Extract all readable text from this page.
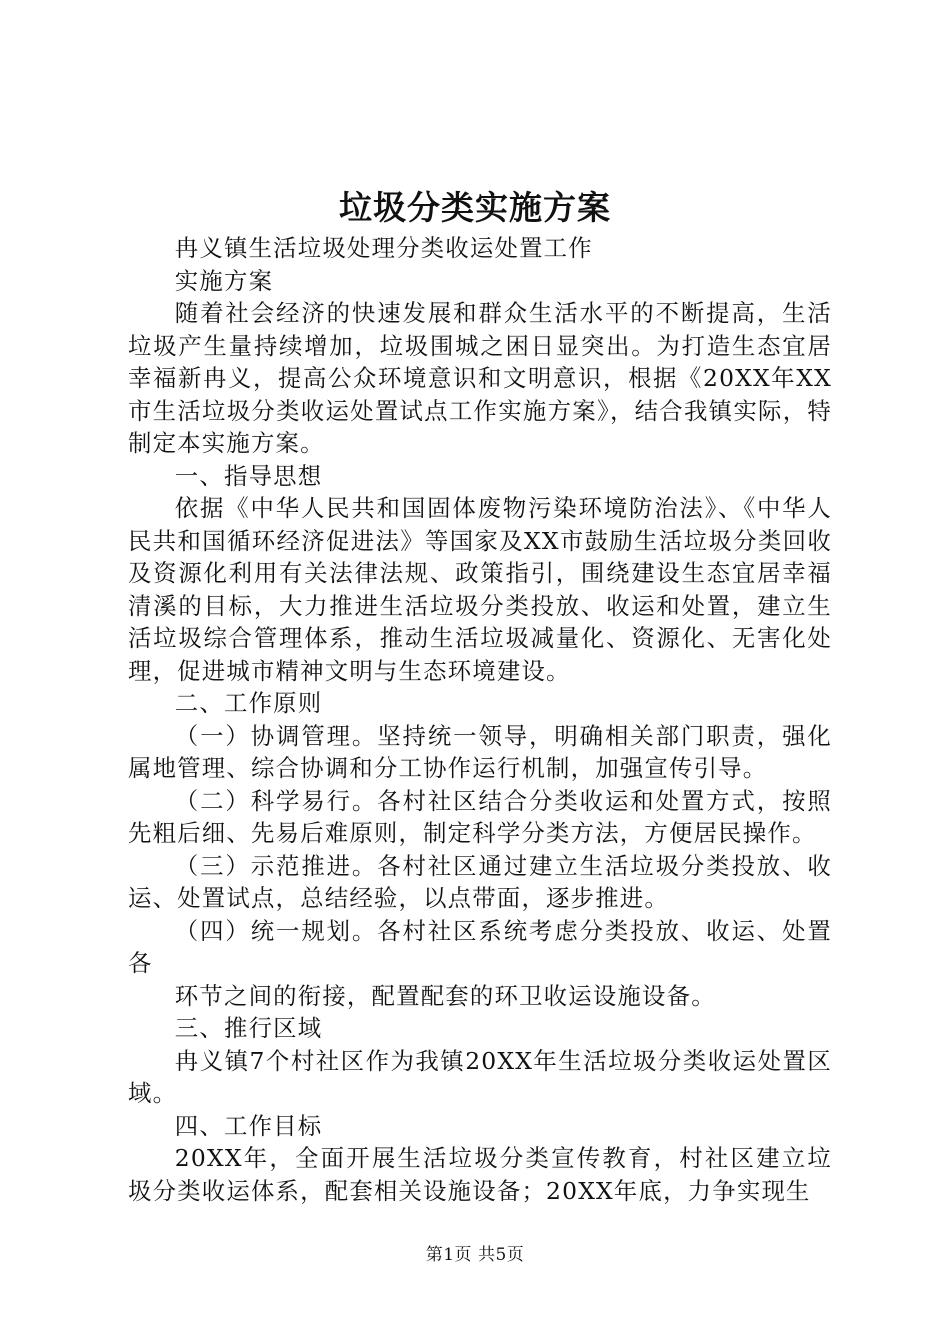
垃圾分类实施方案

冉义镇生活垃圾处理分类收运处置工作

实施方案

随着社会经济的快速发展和群众生活水平的不断提高，生活垃圾产生量持续增加，垃圾围城之困日显突出。为打造生态宜居幸福新冉义，提高公众环境意识和文明意识，根据《20XX年XX市生活垃圾分类收运处置试点工作实施方案》，结合我镇实际，特制定本实施方案。

一、指导思想

依据《中华人民共和国固体废物污染环境防治法》、《中华人民共和国循环经济促进法》等国家及XX市鼓励生活垃圾分类回收及资源化利用有关法律法规、政策指引，围绕建设生态宜居幸福清溪的目标，大力推进生活垃圾分类投放、收运和处置，建立生活垃圾综合管理体系，推动生活垃圾减量化、资源化、无害化处理，促进城市精神文明与生态环境建设。

二、工作原则

（一）协调管理。坚持统一领导，明确相关部门职责，强化属地管理、综合协调和分工协作运行机制，加强宣传引导。

（二）科学易行。各村社区结合分类收运和处置方式，按照先粗后细、先易后难原则，制定科学分类方法，方便居民操作。

（三）示范推进。各村社区通过建立生活垃圾分类投放、收运、处置试点，总结经验，以点带面，逐步推进。

（四）统一规划。各村社区系统考虑分类投放、收运、处置各

环节之间的衔接，配置配套的环卫收运设施设备。

三、推行区域

冉义镇7个村社区作为我镇20XX年生活垃圾分类收运处置区域。

四、工作目标

20XX年，全面开展生活垃圾分类宣传教育，村社区建立垃圾分类收运体系，配套相关设施设备；20XX年底，力争实现生

第1页 共5页
